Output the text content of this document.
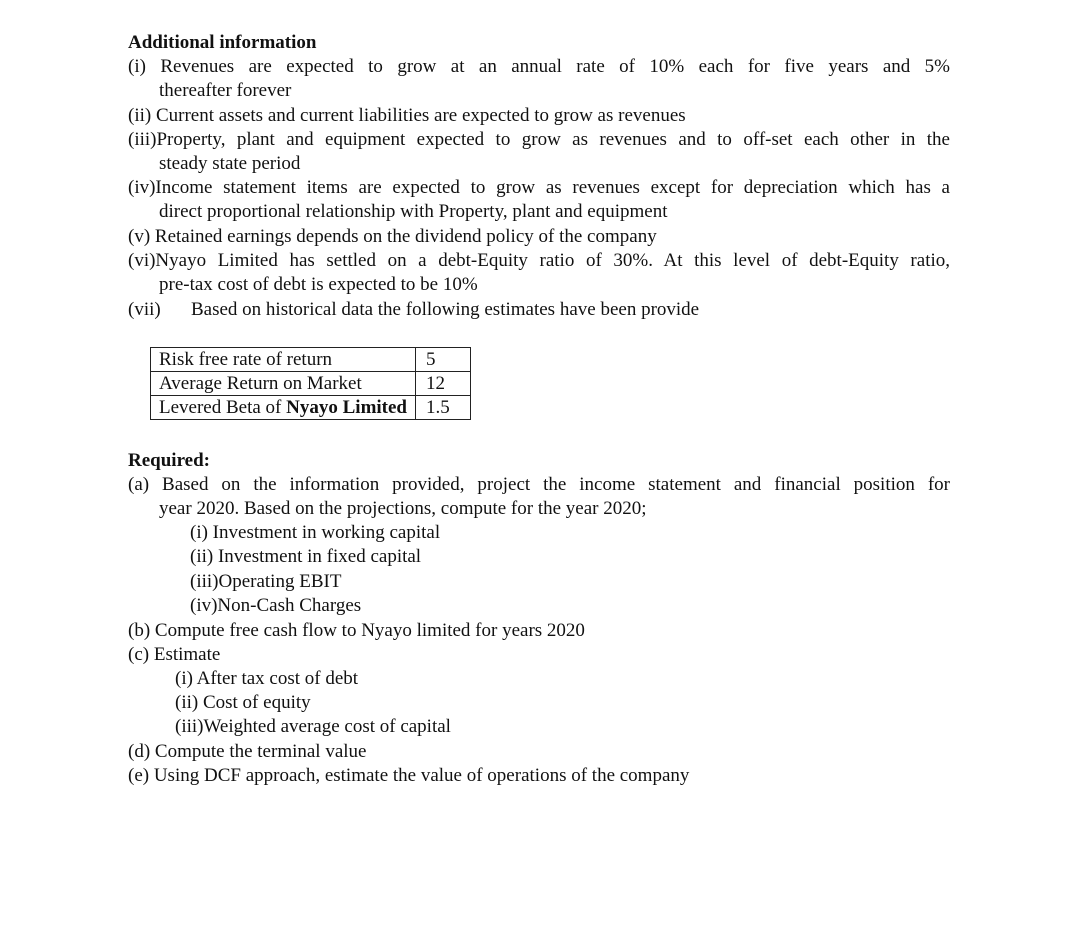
Additional information
(i) Revenues are expected to grow at an annual rate of 10% each for five years and 5%
thereafter forever
(ii) Current assets and current liabilities are expected to grow as revenues
(iii)Property, plant and equipment expected to grow as revenues and to off-set each other in the
steady state period
(iv)Income statement items are expected to grow as revenues except for depreciation which has a
direct proportional relationship with Property, plant and equipment
(v) Retained earnings depends on the dividend policy of the company
(vi)Nyayo Limited has settled on a debt-Equity ratio of 30%. At this level of debt-Equity ratio,
pre-tax cost of debt is expected to be 10%
(vii) Based on historical data the following estimates have been provide
Risk free rate of return	5
Average Return on Market	12
Levered Beta of Nyayo Limited	1.5
Required:
(a) Based on the information provided, project the income statement and financial position for
year 2020. Based on the projections, compute for the year 2020;
(i) Investment in working capital
(ii) Investment in fixed capital
(iii)Operating EBIT
(iv)Non-Cash Charges
(b) Compute free cash flow to Nyayo limited for years 2020
(c) Estimate
(i) After tax cost of debt
(ii) Cost of equity
(iii)Weighted average cost of capital
(d) Compute the terminal value
(e) Using DCF approach, estimate the value of operations of the company
